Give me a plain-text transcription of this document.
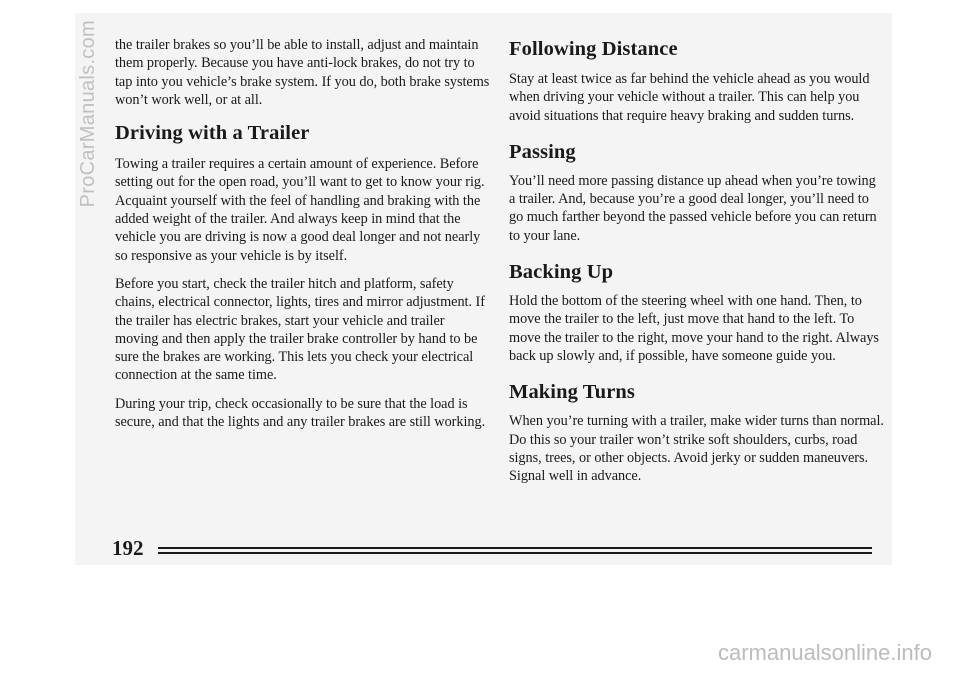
the trailer brakes so you’ll be able to install, adjust and maintain them properly. Because you have anti-lock brakes, do not try to tap into you vehicle’s brake system. If you do, both brake systems won’t work well, or at all.

Driving with a Trailer

Towing a trailer requires a certain amount of experience. Before setting out for the open road, you’ll want to get to know your rig. Acquaint yourself with the feel of handling and braking with the added weight of the trailer. And always keep in mind that the vehicle you are driving is now a good deal longer and not nearly so responsive as your vehicle is by itself.

Before you start, check the trailer hitch and platform, safety chains, electrical connector, lights, tires and mirror adjustment. If the trailer has electric brakes, start your vehicle and trailer moving and then apply the trailer brake controller by hand to be sure the brakes are working. This lets you check your electrical connection at the same time.

During your trip, check occasionally to be sure that the load is secure, and that the lights and any trailer brakes are still working.

Following Distance

Stay at least twice as far behind the vehicle ahead as you would when driving your vehicle without a trailer. This can help you avoid situations that require heavy braking and sudden turns.

Passing

You’ll need more passing distance up ahead when you’re towing a trailer. And, because you’re a good deal longer, you’ll need to go much farther beyond the passed vehicle before you can return to your lane.

Backing Up

Hold the bottom of the steering wheel with one hand. Then, to move the trailer to the left, just move that hand to the left. To move the trailer to the right, move your hand to the right. Always back up slowly and, if possible, have someone guide you.

Making Turns

When you’re turning with a trailer, make wider turns than normal. Do this so your trailer won’t strike soft shoulders, curbs, road signs, trees, or other objects. Avoid jerky or sudden maneuvers. Signal well in advance.

192
ProCarManuals.com
carmanualsonline.info
